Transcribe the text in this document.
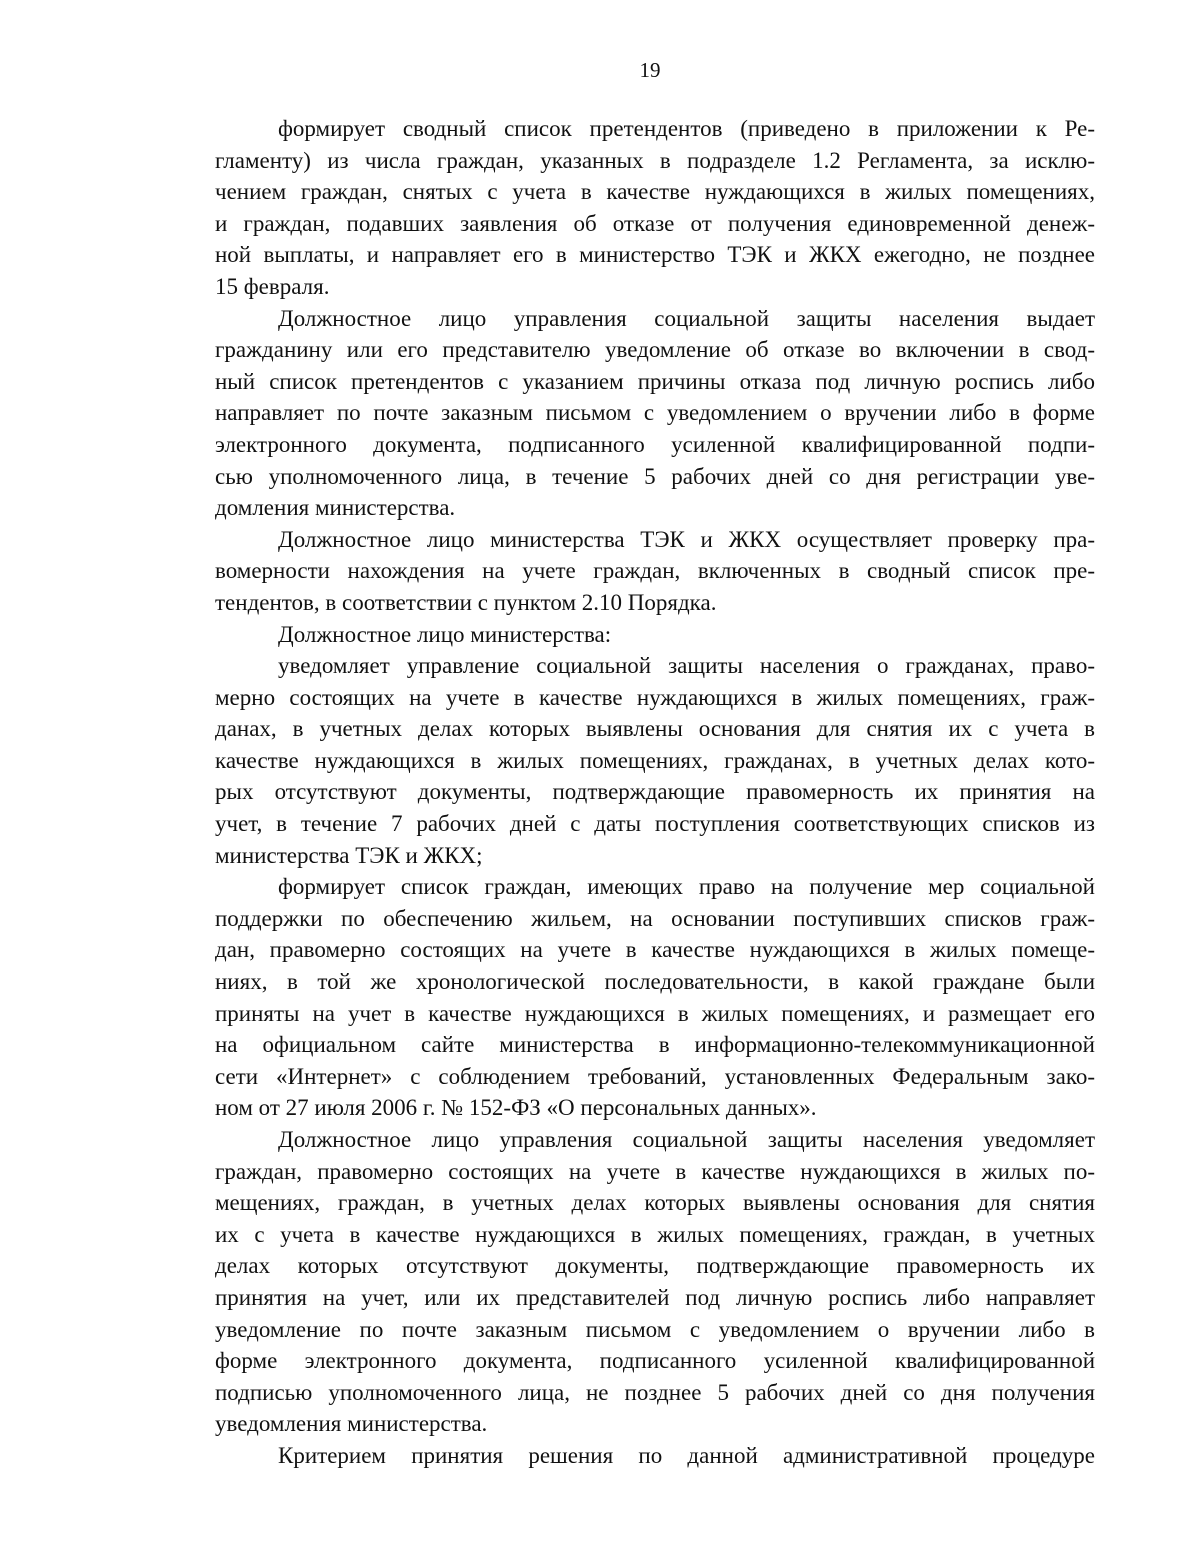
19
формирует сводный список претендентов (приведено в приложении к Ре-
гламенту) из числа граждан, указанных в подразделе 1.2 Регламента, за исклю-
чением граждан, снятых с учета в качестве нуждающихся в жилых помещениях,
и граждан, подавших заявления об отказе от получения единовременной денеж-
ной выплаты, и направляет его в министерство ТЭК и ЖКХ ежегодно, не позднее
15 февраля.
Должностное лицо управления социальной защиты населения выдает
гражданину или его представителю уведомление об отказе во включении в свод-
ный список претендентов с указанием причины отказа под личную роспись либо
направляет по почте заказным письмом с уведомлением о вручении либо в форме
электронного документа, подписанного усиленной квалифицированной подпи-
сью уполномоченного лица, в течение 5 рабочих дней со дня регистрации уве-
домления министерства.
Должностное лицо министерства ТЭК и ЖКХ осуществляет проверку пра-
вомерности нахождения на учете граждан, включенных в сводный список пре-
тендентов, в соответствии с пунктом 2.10 Порядка.
Должностное лицо министерства:
уведомляет управление социальной защиты населения о гражданах, право-
мерно состоящих на учете в качестве нуждающихся в жилых помещениях, граж-
данах, в учетных делах которых выявлены основания для снятия их с учета в
качестве нуждающихся в жилых помещениях, гражданах, в учетных делах кото-
рых отсутствуют документы, подтверждающие правомерность их принятия на
учет, в течение 7 рабочих дней с даты поступления соответствующих списков из
министерства ТЭК и ЖКХ;
формирует список граждан, имеющих право на получение мер социальной
поддержки по обеспечению жильем, на основании поступивших списков граж-
дан, правомерно состоящих на учете в качестве нуждающихся в жилых помеще-
ниях, в той же хронологической последовательности, в какой граждане были
приняты на учет в качестве нуждающихся в жилых помещениях, и размещает его
на официальном сайте министерства в информационно-телекоммуникационной
сети «Интернет» с соблюдением требований, установленных Федеральным зако-
ном от 27 июля 2006 г. № 152-ФЗ «О персональных данных».
Должностное лицо управления социальной защиты населения уведомляет
граждан, правомерно состоящих на учете в качестве нуждающихся в жилых по-
мещениях, граждан, в учетных делах которых выявлены основания для снятия
их с учета в качестве нуждающихся в жилых помещениях, граждан, в учетных
делах которых отсутствуют документы, подтверждающие правомерность их
принятия на учет, или их представителей под личную роспись либо направляет
уведомление по почте заказным письмом с уведомлением о вручении либо в
форме электронного документа, подписанного усиленной квалифицированной
подписью уполномоченного лица, не позднее 5 рабочих дней со дня получения
уведомления министерства.
Критерием принятия решения по данной административной процедуре
